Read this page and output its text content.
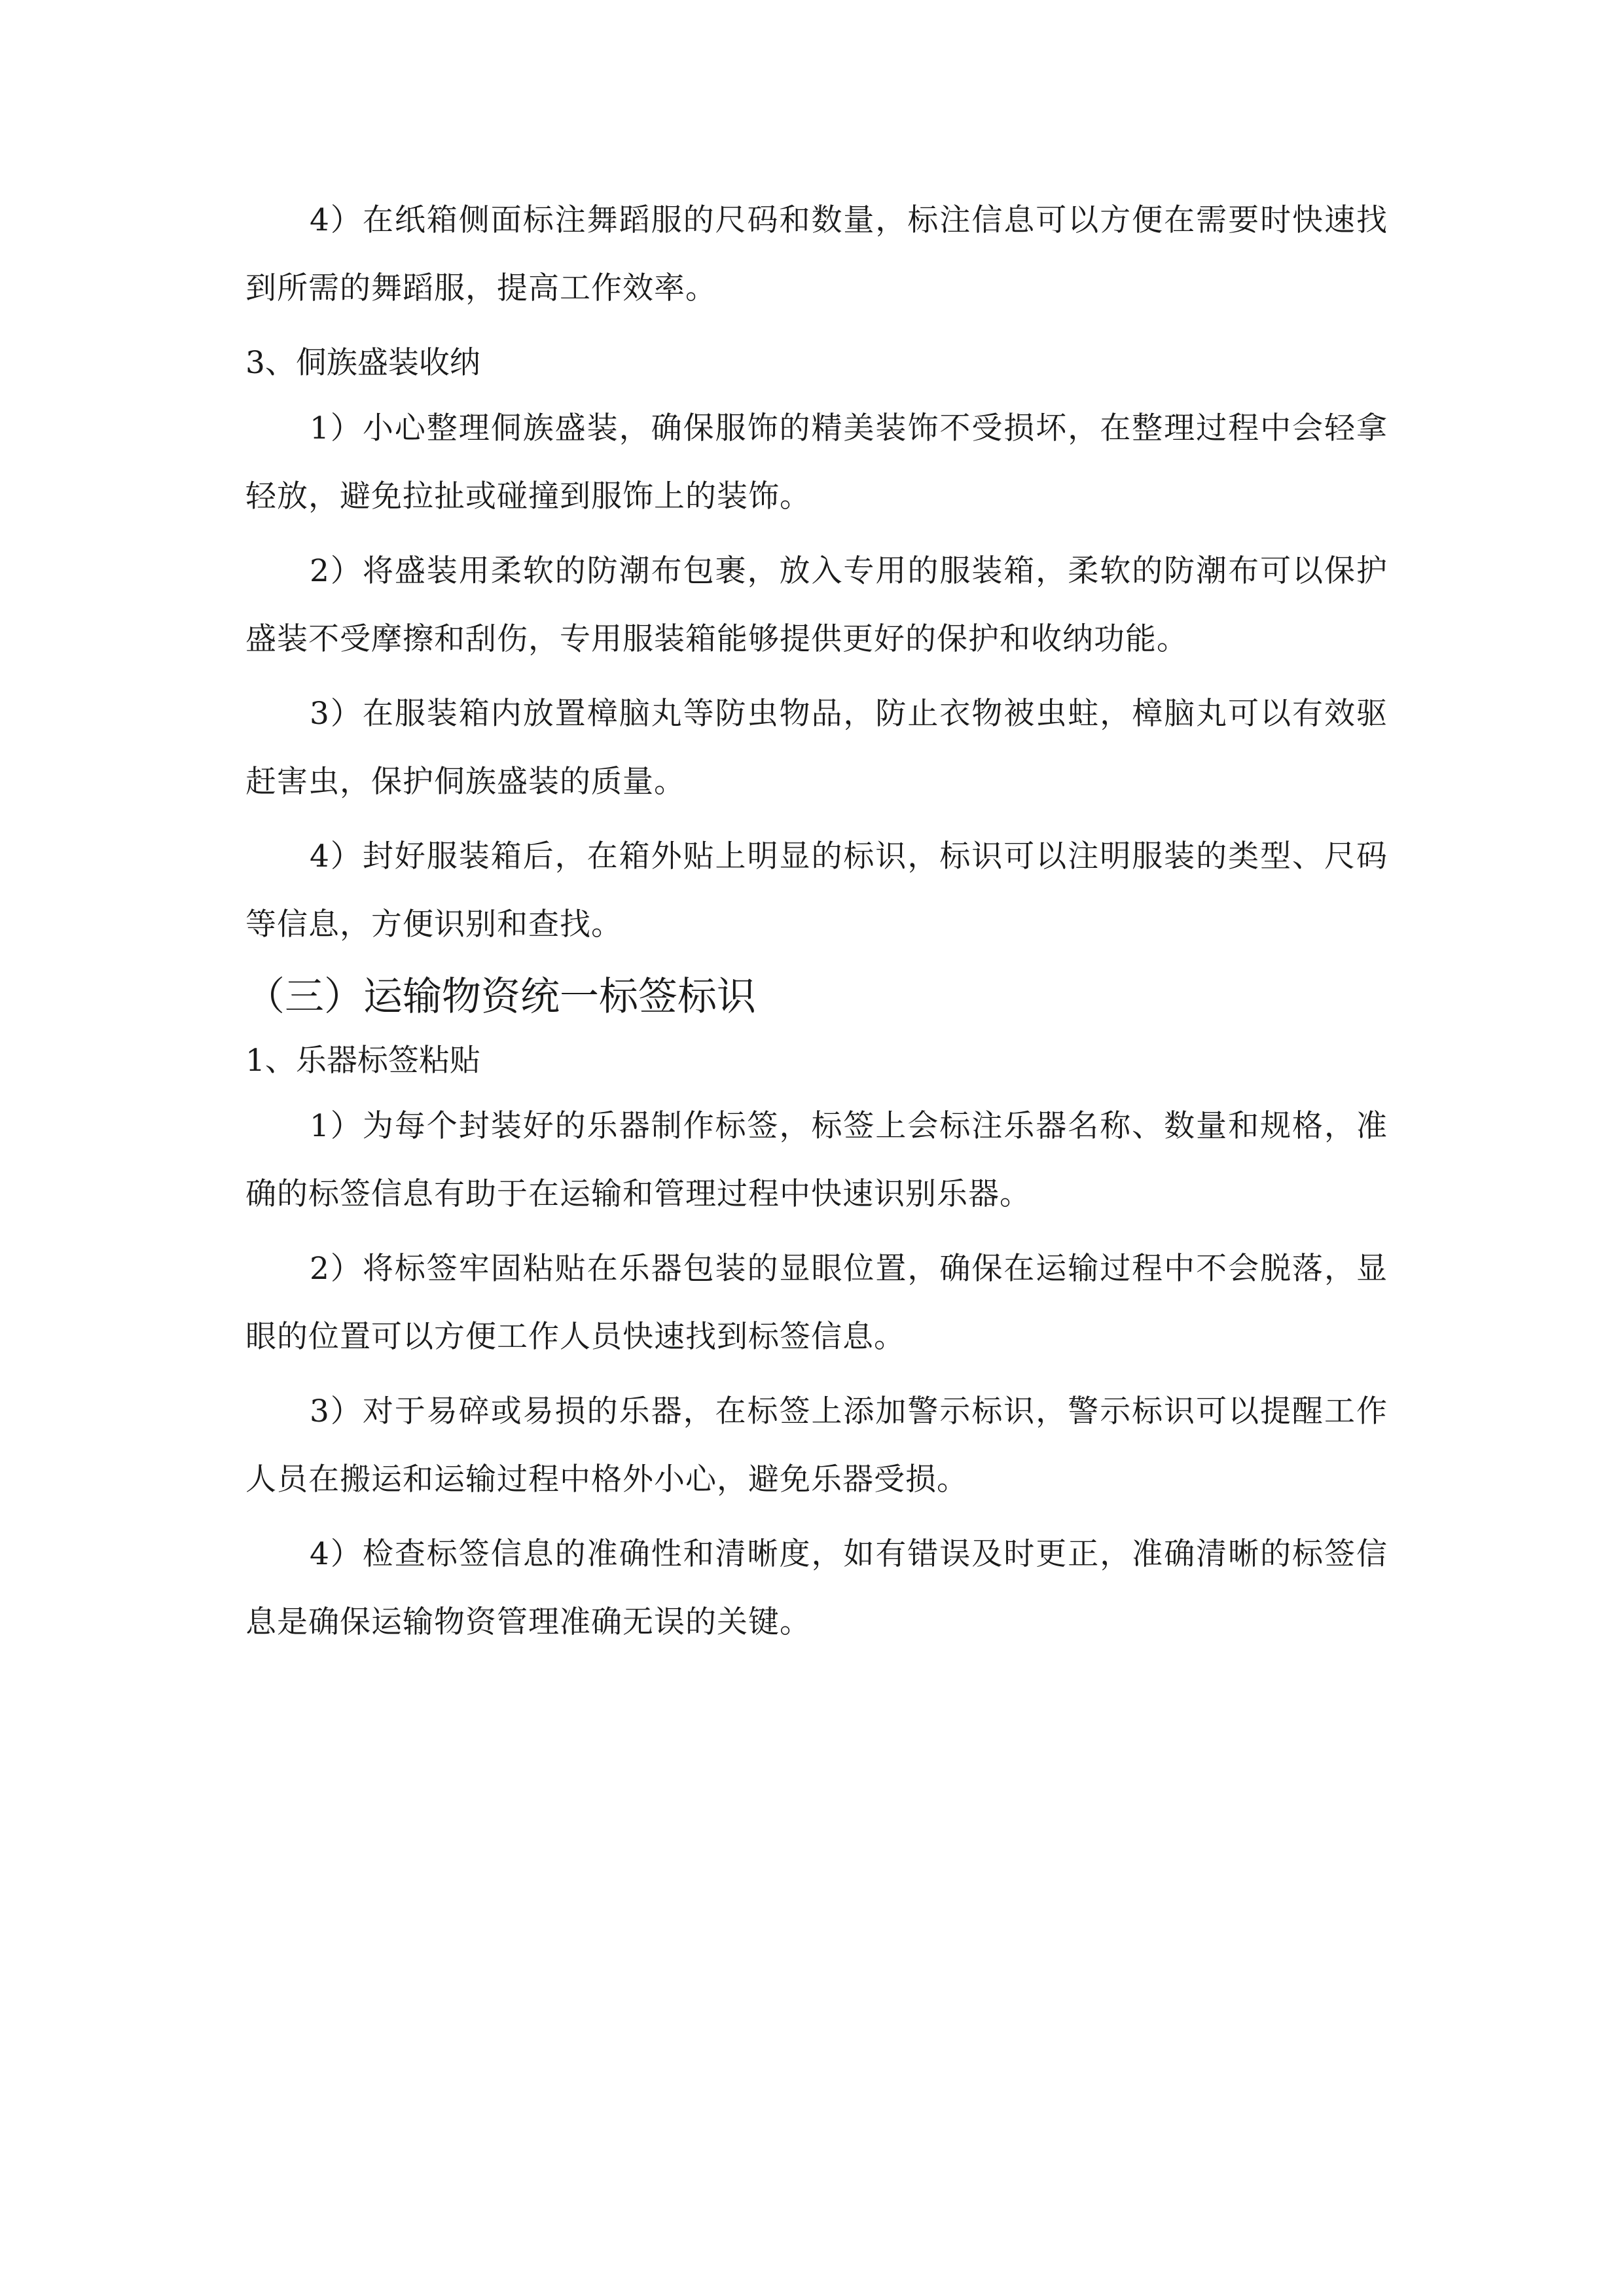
4）在纸箱侧面标注舞蹈服的尺码和数量，标注信息可以方便在需要时快速找到所需的舞蹈服，提高工作效率。

3、侗族盛装收纳

1）小心整理侗族盛装，确保服饰的精美装饰不受损坏，在整理过程中会轻拿轻放，避免拉扯或碰撞到服饰上的装饰。

2）将盛装用柔软的防潮布包裹，放入专用的服装箱，柔软的防潮布可以保护盛装不受摩擦和刮伤，专用服装箱能够提供更好的保护和收纳功能。

3）在服装箱内放置樟脑丸等防虫物品，防止衣物被虫蛀，樟脑丸可以有效驱赶害虫，保护侗族盛装的质量。

4）封好服装箱后，在箱外贴上明显的标识，标识可以注明服装的类型、尺码等信息，方便识别和查找。

（三）运输物资统一标签标识

1、乐器标签粘贴

1）为每个封装好的乐器制作标签，标签上会标注乐器名称、数量和规格，准确的标签信息有助于在运输和管理过程中快速识别乐器。

2）将标签牢固粘贴在乐器包装的显眼位置，确保在运输过程中不会脱落，显眼的位置可以方便工作人员快速找到标签信息。

3）对于易碎或易损的乐器，在标签上添加警示标识，警示标识可以提醒工作人员在搬运和运输过程中格外小心，避免乐器受损。

4）检查标签信息的准确性和清晰度，如有错误及时更正，准确清晰的标签信息是确保运输物资管理准确无误的关键。
